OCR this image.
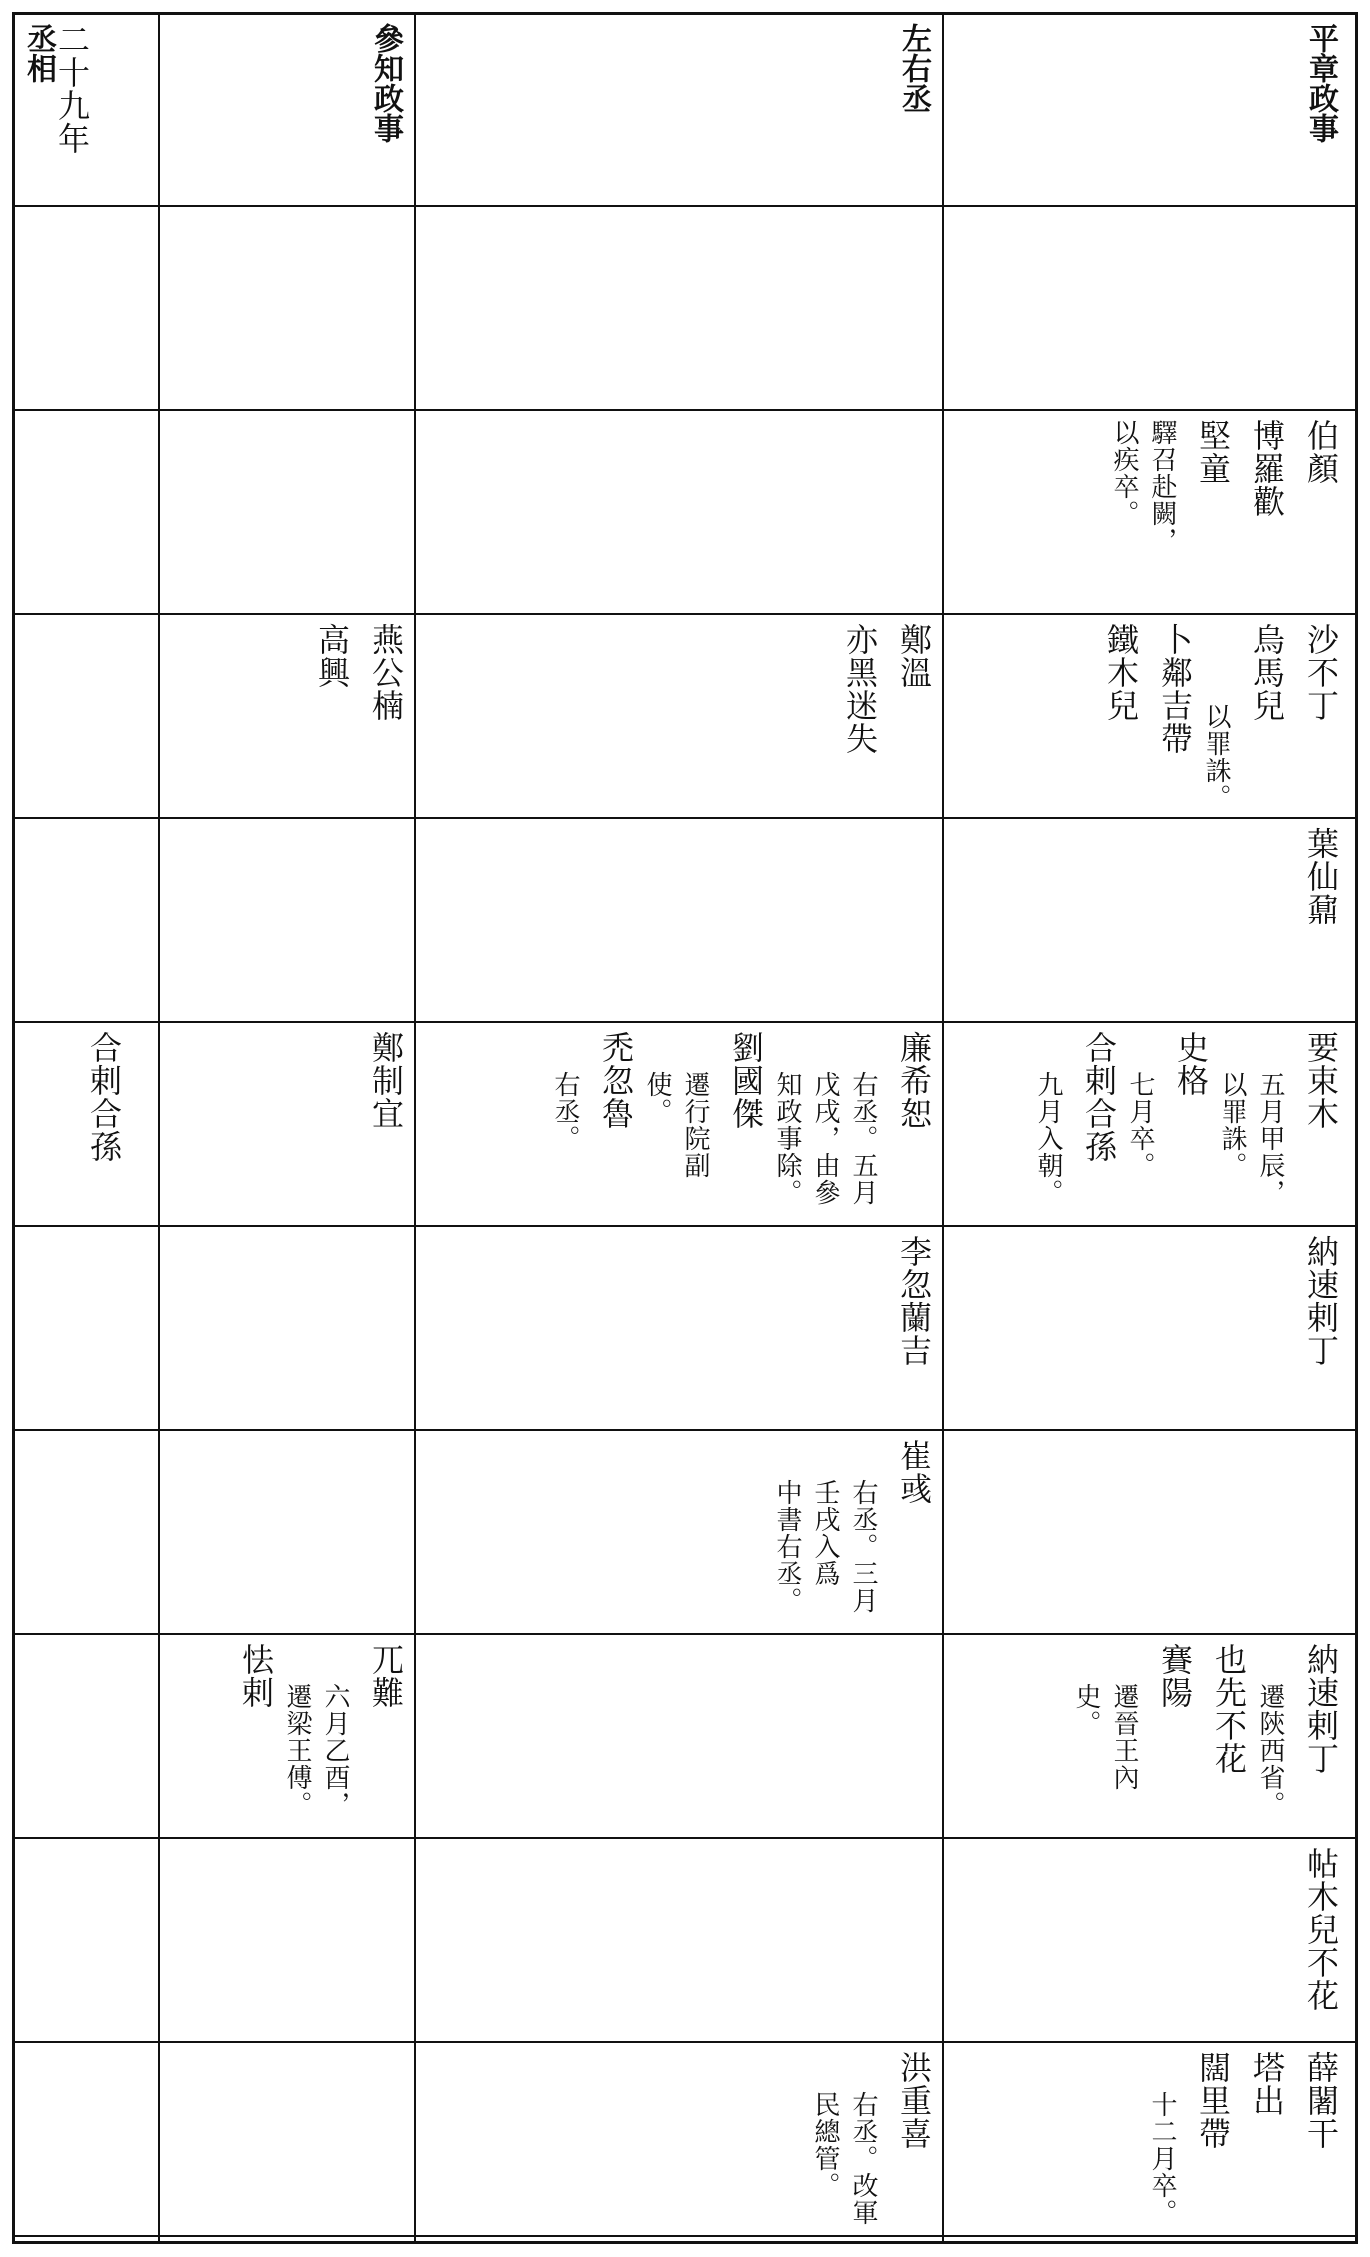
平章政事
左右丞
參知政事
二十九年
丞相
伯顏
博羅歡
堅童
驛召赴闕，
以疾卒。
沙不丁
烏馬兒
以罪誅。
卜鄰吉帶
鐵木兒
鄭溫
亦黑迷失
燕公楠
高興
葉仙鼐
要束木
五月甲辰，
以罪誅。
史格
七月卒。
合剌合孫
九月入朝。
廉希恕
右丞。五月
戊戌，由參
知政事除。
劉國傑
遷行院副
使。
禿忽魯
右丞。
鄭制宜
合剌合孫
納速剌丁
李忽蘭吉
崔彧
右丞。三月
壬戌入爲
中書右丞。
納速剌丁
遷陝西省。
也先不花
賽陽
遷晉王內
史。
兀難
六月乙酉，
遷梁王傅。
怯剌
帖木兒不花
薛闍干
塔出
闊里帶
十二月卒。
洪重喜
右丞。改軍
民總管。
